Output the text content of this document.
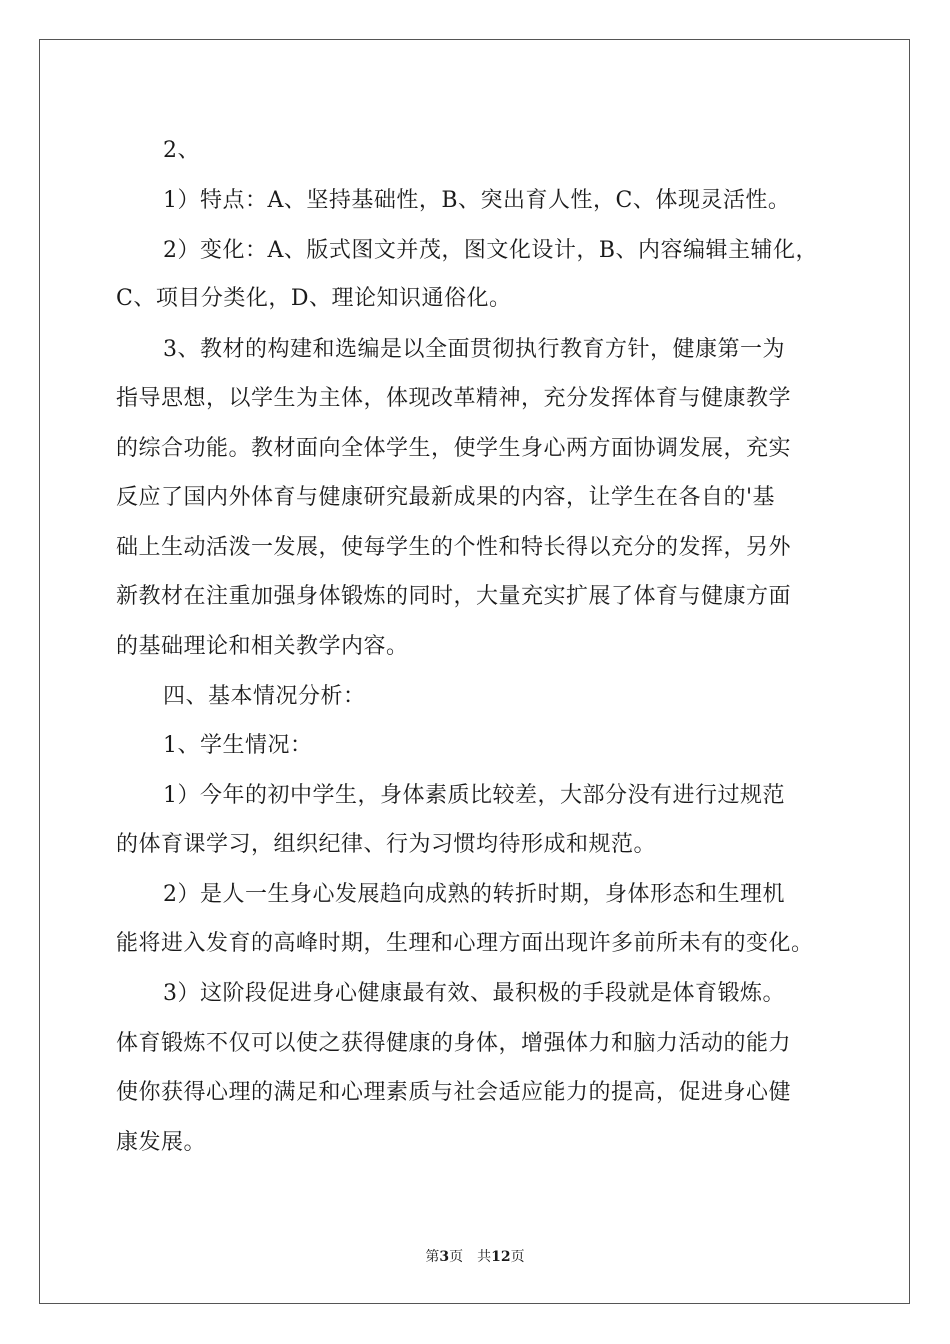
2、
1）特点：A、坚持基础性，B、突出育人性，C、体现灵活性。
2）变化：A、版式图文并茂，图文化设计，B、内容编辑主辅化，
C、项目分类化，D、理论知识通俗化。
3、教材的构建和选编是以全面贯彻执行教育方针，健康第一为
指导思想，以学生为主体，体现改革精神，充分发挥体育与健康教学
的综合功能。教材面向全体学生，使学生身心两方面协调发展，充实
反应了国内外体育与健康研究最新成果的内容，让学生在各自的'基
础上生动活泼一发展，使每学生的个性和特长得以充分的发挥，另外
新教材在注重加强身体锻炼的同时，大量充实扩展了体育与健康方面
的基础理论和相关教学内容。
四、基本情况分析：
1、学生情况：
1）今年的初中学生，身体素质比较差，大部分没有进行过规范
的体育课学习，组织纪律、行为习惯均待形成和规范。
2）是人一生身心发展趋向成熟的转折时期，身体形态和生理机
能将进入发育的高峰时期，生理和心理方面出现许多前所未有的变化。
3）这阶段促进身心健康最有效、最积极的手段就是体育锻炼。
体育锻炼不仅可以使之获得健康的身体，增强体力和脑力活动的能力
使你获得心理的满足和心理素质与社会适应能力的提高，促进身心健
康发展。
第3页 共12页
